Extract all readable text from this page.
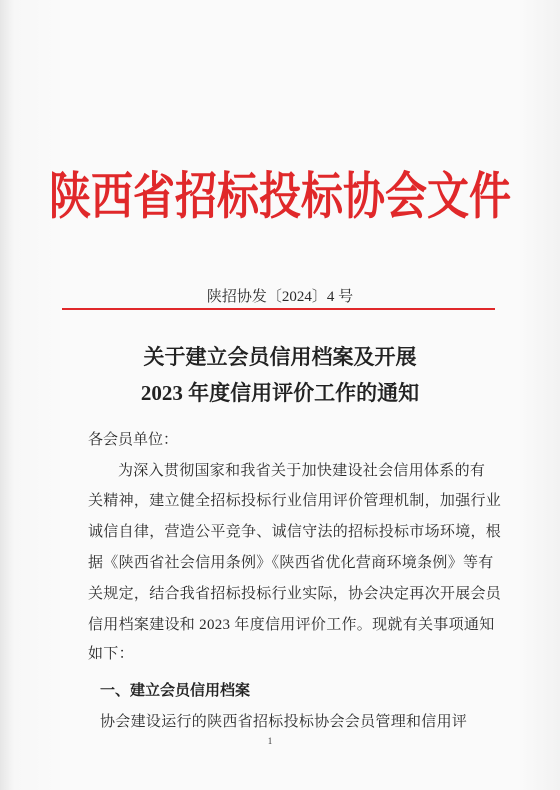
陕西省招标投标协会文件
陕招协发〔2024〕4 号
关于建立会员信用档案及开展
2023 年度信用评价工作的通知
各会员单位：
为深入贯彻国家和我省关于加快建设社会信用体系的有
关精神，建立健全招标投标行业信用评价管理机制，加强行业
诚信自律，营造公平竞争、诚信守法的招标投标市场环境，根
据《陕西省社会信用条例》《陕西省优化营商环境条例》等有
关规定，结合我省招标投标行业实际，协会决定再次开展会员
信用档案建设和 2023 年度信用评价工作。现就有关事项通知
如下：
一、建立会员信用档案
协会建设运行的陕西省招标投标协会会员管理和信用评
1
